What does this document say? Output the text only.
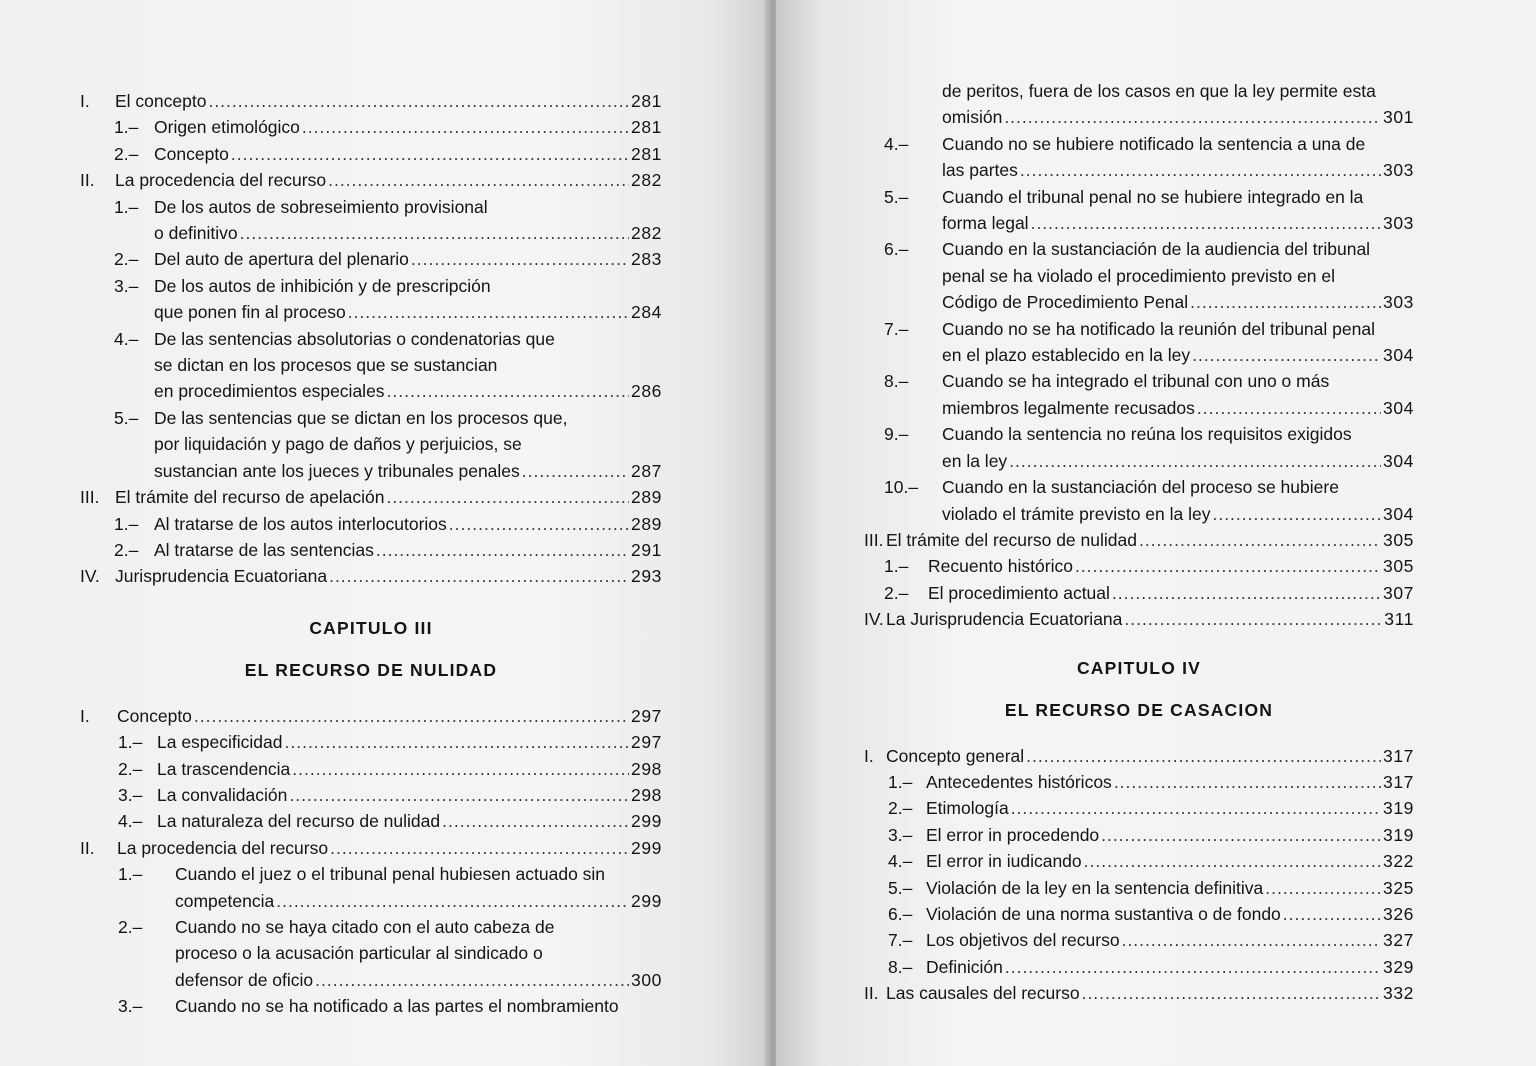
I. El concepto .....	281
1.– Origen etimológico .....	281
2.– Concepto .....	281
II. La procedencia del recurso .....	282
1.– De los autos de sobreseimiento provisional
o definitivo .....	282
2.– Del auto de apertura del plenario .....	283
3.– De los autos de inhibición y de prescripción
que ponen fin al proceso .....	284
4.– De las sentencias absolutorias o condenatorias que
se dictan en los procesos que se sustancian
en procedimientos especiales .....	286
5.– De las sentencias que se dictan en los procesos que,
por liquidación y pago de daños y perjuicios, se
sustancian ante los jueces y tribunales penales .....	287
III. El trámite del recurso de apelación .....	289
1.– Al tratarse de los autos interlocutorios .....	289
2.– Al tratarse de las sentencias .....	291
IV. Jurisprudencia Ecuatoriana .....	293
CAPITULO III
EL RECURSO DE NULIDAD
I. Concepto .....	297
1.– La especificidad .....	297
2.– La trascendencia .....	298
3.– La convalidación .....	298
4.– La naturaleza del recurso de nulidad .....	299
II. La procedencia del recurso .....	299
1.– Cuando el juez o el tribunal penal hubiesen actuado sin
competencia .....	299
2.– Cuando no se haya citado con el auto cabeza de
proceso o la acusación particular al sindicado o
defensor de oficio .....	300
3.– Cuando no se ha notificado a las partes el nombramiento
de peritos, fuera de los casos en que la ley permite esta
omisión .....	301
4.– Cuando no se hubiere notificado la sentencia a una de
las partes .....	303
5.– Cuando el tribunal penal no se hubiere integrado en la
forma legal .....	303
6.– Cuando en la sustanciación de la audiencia del tribunal
penal se ha violado el procedimiento previsto en el
Código de Procedimiento Penal .....	303
7.– Cuando no se ha notificado la reunión del tribunal penal
en el plazo establecido en la ley .....	304
8.– Cuando se ha integrado el tribunal con uno o más
miembros legalmente recusados .....	304
9.– Cuando la sentencia no reúna los requisitos exigidos
en la ley .....	304
10.– Cuando en la sustanciación del proceso se hubiere
violado el trámite previsto en la ley .....	304
III. El trámite del recurso de nulidad .....	305
1.– Recuento histórico .....	305
2.– El procedimiento actual .....	307
IV. La Jurisprudencia Ecuatoriana .....	311
CAPITULO IV
EL RECURSO DE CASACION
I. Concepto general .....	317
1.– Antecedentes históricos .....	317
2.– Etimología .....	319
3.– El error in procedendo .....	319
4.– El error in iudicando .....	322
5.– Violación de la ley en la sentencia definitiva .....	325
6.– Violación de una norma sustantiva o de fondo .....	326
7.– Los objetivos del recurso .....	327
8.– Definición .....	329
II. Las causales del recurso .....	332
